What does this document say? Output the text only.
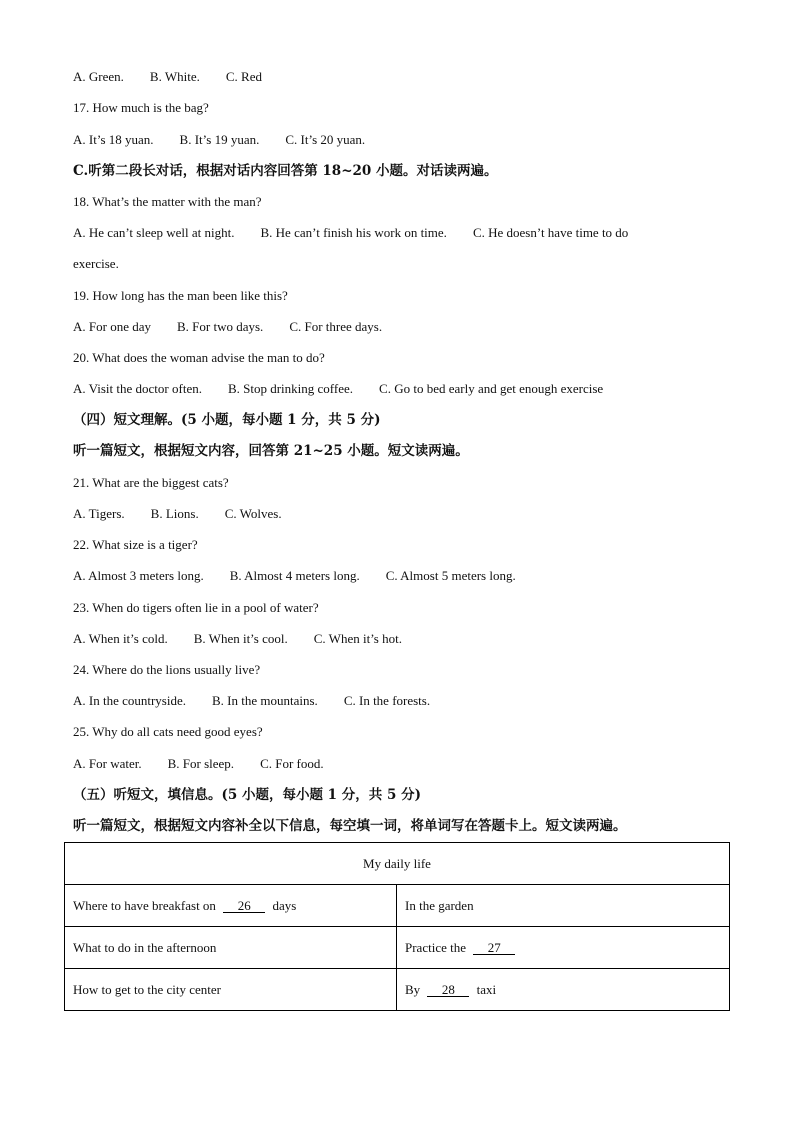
A. Green. B. White. C. Red
17. How much is the bag?
A. It’s 18 yuan. B. It’s 19 yuan. C. It’s 20 yuan.
C.听第二段长对话，根据对话内容回答第 18~20 小题。对话读两遍。
18. What’s the matter with the man?
A. He can’t sleep well at night. B. He can’t finish his work on time. C. He doesn’t have time to do
exercise.
19. How long has the man been like this?
A. For one day B. For two days. C. For three days.
20. What does the woman advise the man to do?
A. Visit the doctor often. B. Stop drinking coffee. C. Go to bed early and get enough exercise
（四）短文理解。(5 小题，每小题 1 分，共 5 分)
听一篇短文，根据短文内容，回答第 21~25 小题。短文读两遍。
21. What are the biggest cats?
A. Tigers. B. Lions. C. Wolves.
22. What size is a tiger?
A. Almost 3 meters long. B. Almost 4 meters long. C. Almost 5 meters long.
23. When do tigers often lie in a pool of water?
A. When it’s cold. B. When it’s cool. C. When it’s hot.
24. Where do the lions usually live?
A. In the countryside. B. In the mountains. C. In the forests.
25. Why do all cats need good eyes?
A. For water. B. For sleep. C. For food.
（五）听短文，填信息。(5 小题，每小题 1 分，共 5 分)
听一篇短文，根据短文内容补全以下信息，每空填一词，将单词写在答题卡上。短文读两遍。
My daily life	
Where to have breakfast on 26 days	In the garden
What to do in the afternoon	Practice the 27
How to get to the city center	By 28 taxi
